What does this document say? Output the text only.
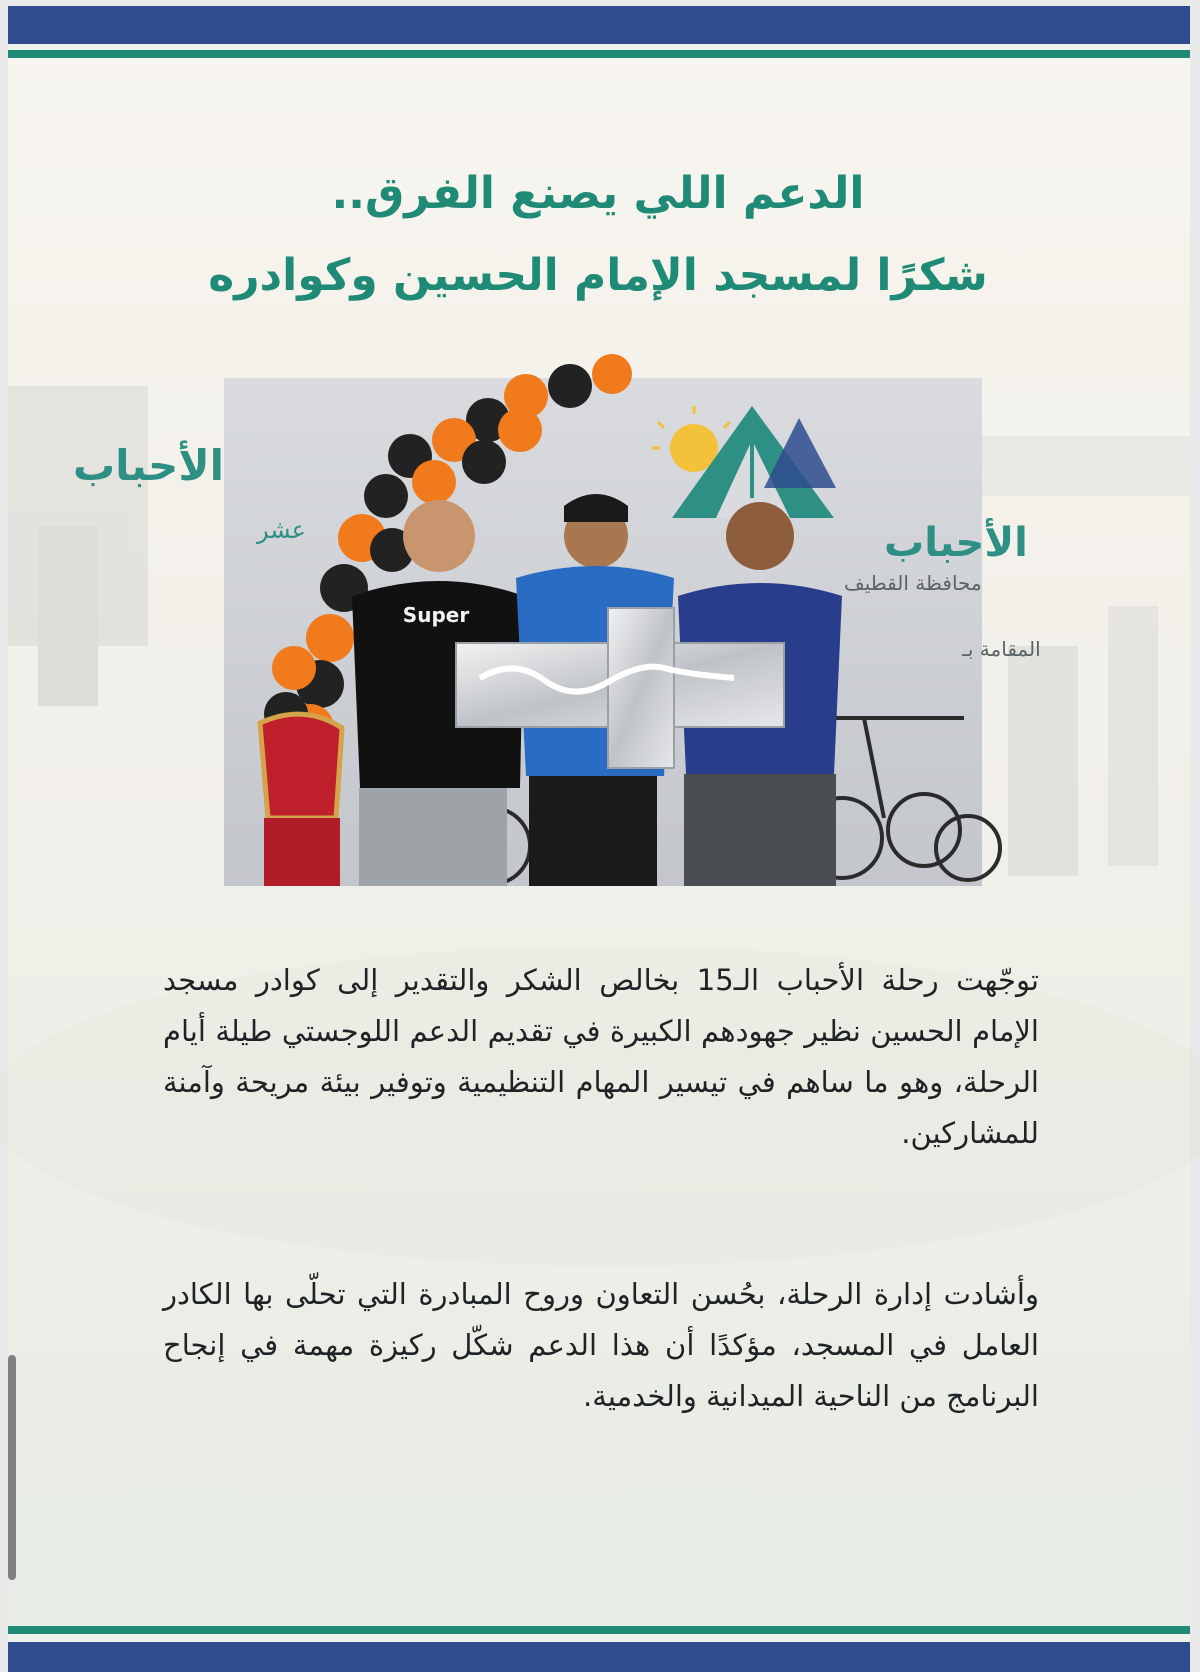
الدعم اللي يصنع الفرق..
شكرًا لمسجد الإمام الحسين وكوادره
الأحباب
عشر	الأحباب
محافظة القطيف
المقامة بـ
Super

توجّهت رحلة الأحباب الـ15 بخالص الشكر والتقدير إلى كوادر مسجد الإمام الحسين نظير جهودهم الكبيرة في تقديم الدعم اللوجستي طيلة أيام الرحلة، وهو ما ساهم في تيسير المهام التنظيمية وتوفير بيئة مريحة وآمنة للمشاركين.

وأشادت إدارة الرحلة، بحُسن التعاون وروح المبادرة التي تحلّى بها الكادر العامل في المسجد، مؤكدًا أن هذا الدعم شكّل ركيزة مهمة في إنجاح البرنامج من الناحية الميدانية والخدمية.
